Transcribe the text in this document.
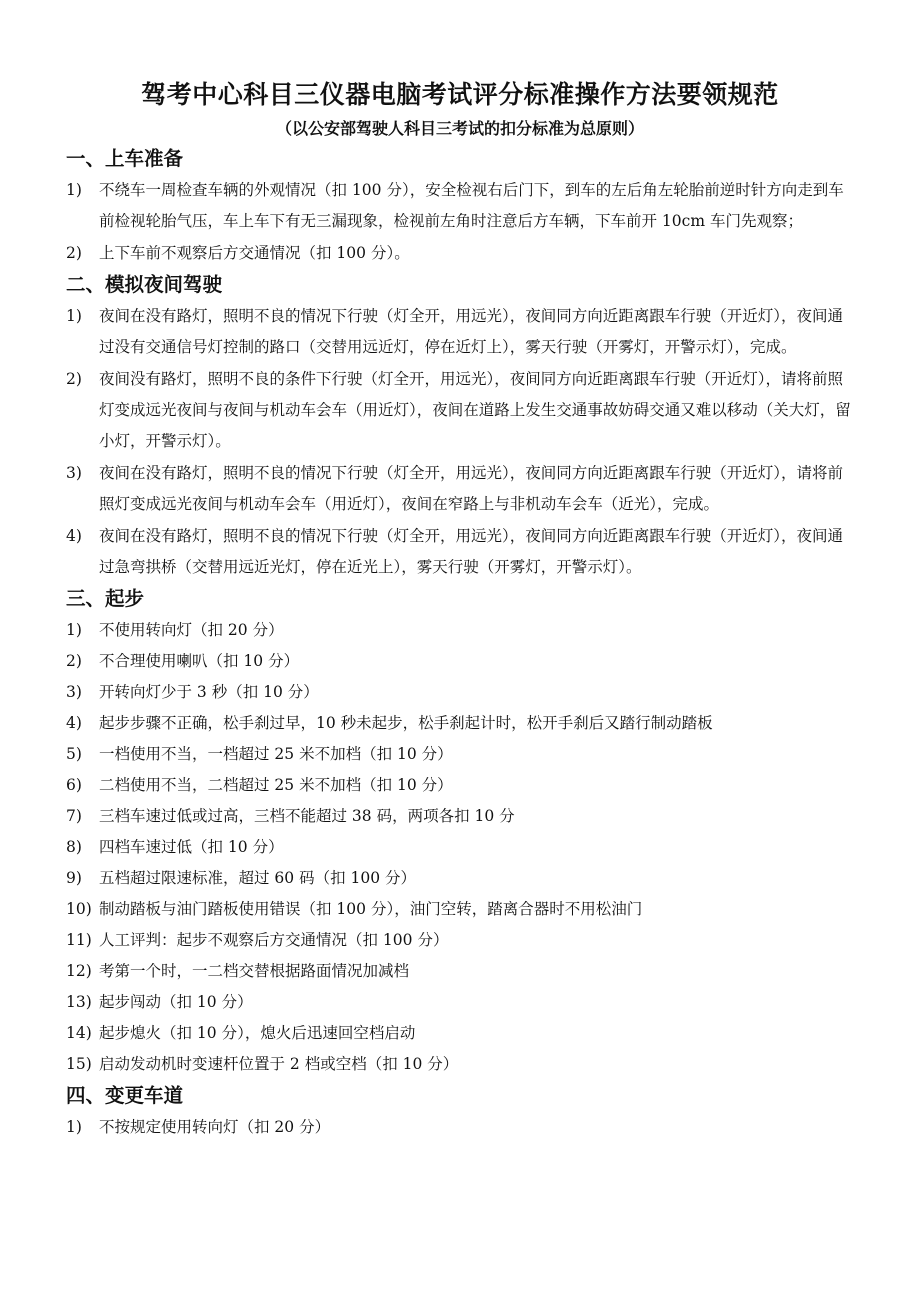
驾考中心科目三仪器电脑考试评分标准操作方法要领规范
（以公安部驾驶人科目三考试的扣分标准为总原则）
一、上车准备
1) 不绕车一周检查车辆的外观情况（扣 100 分），安全检视右后门下，到车的左后角左轮胎前逆时针方向走到车前检视轮胎气压，车上车下有无三漏现象，检视前左角时注意后方车辆，下车前开 10cm 车门先观察；
2) 上下车前不观察后方交通情况（扣 100 分）。
二、模拟夜间驾驶
1) 夜间在没有路灯，照明不良的情况下行驶（灯全开，用远光），夜间同方向近距离跟车行驶（开近灯），夜间通过没有交通信号灯控制的路口（交替用远近灯，停在近灯上），雾天行驶（开雾灯，开警示灯），完成。
2) 夜间没有路灯，照明不良的条件下行驶（灯全开，用远光），夜间同方向近距离跟车行驶（开近灯），请将前照灯变成远光夜间与夜间与机动车会车（用近灯），夜间在道路上发生交通事故妨碍交通又难以移动（关大灯，留小灯，开警示灯）。
3) 夜间在没有路灯，照明不良的情况下行驶（灯全开，用远光），夜间同方向近距离跟车行驶（开近灯），请将前照灯变成远光夜间与机动车会车（用近灯），夜间在窄路上与非机动车会车（近光），完成。
4) 夜间在没有路灯，照明不良的情况下行驶（灯全开，用远光），夜间同方向近距离跟车行驶（开近灯），夜间通过急弯拱桥（交替用远近光灯，停在近光上），雾天行驶（开雾灯，开警示灯）。
三、起步
1) 不使用转向灯（扣 20 分）
2) 不合理使用喇叭（扣 10 分）
3) 开转向灯少于 3 秒（扣 10 分）
4) 起步步骤不正确，松手刹过早，10 秒未起步，松手刹起计时，松开手刹后又踏行制动踏板
5) 一档使用不当，一档超过 25 米不加档（扣 10 分）
6) 二档使用不当，二档超过 25 米不加档（扣 10 分）
7) 三档车速过低或过高，三档不能超过 38 码，两项各扣 10 分
8) 四档车速过低（扣 10 分）
9) 五档超过限速标准，超过 60 码（扣 100 分）
10) 制动踏板与油门踏板使用错误（扣 100 分），油门空转，踏离合器时不用松油门
11) 人工评判：起步不观察后方交通情况（扣 100 分）
12) 考第一个时，一二档交替根据路面情况加减档
13) 起步闯动（扣 10 分）
14) 起步熄火（扣 10 分），熄火后迅速回空档启动
15) 启动发动机时变速杆位置于 2 档或空档（扣 10 分）
四、变更车道
1) 不按规定使用转向灯（扣 20 分）
